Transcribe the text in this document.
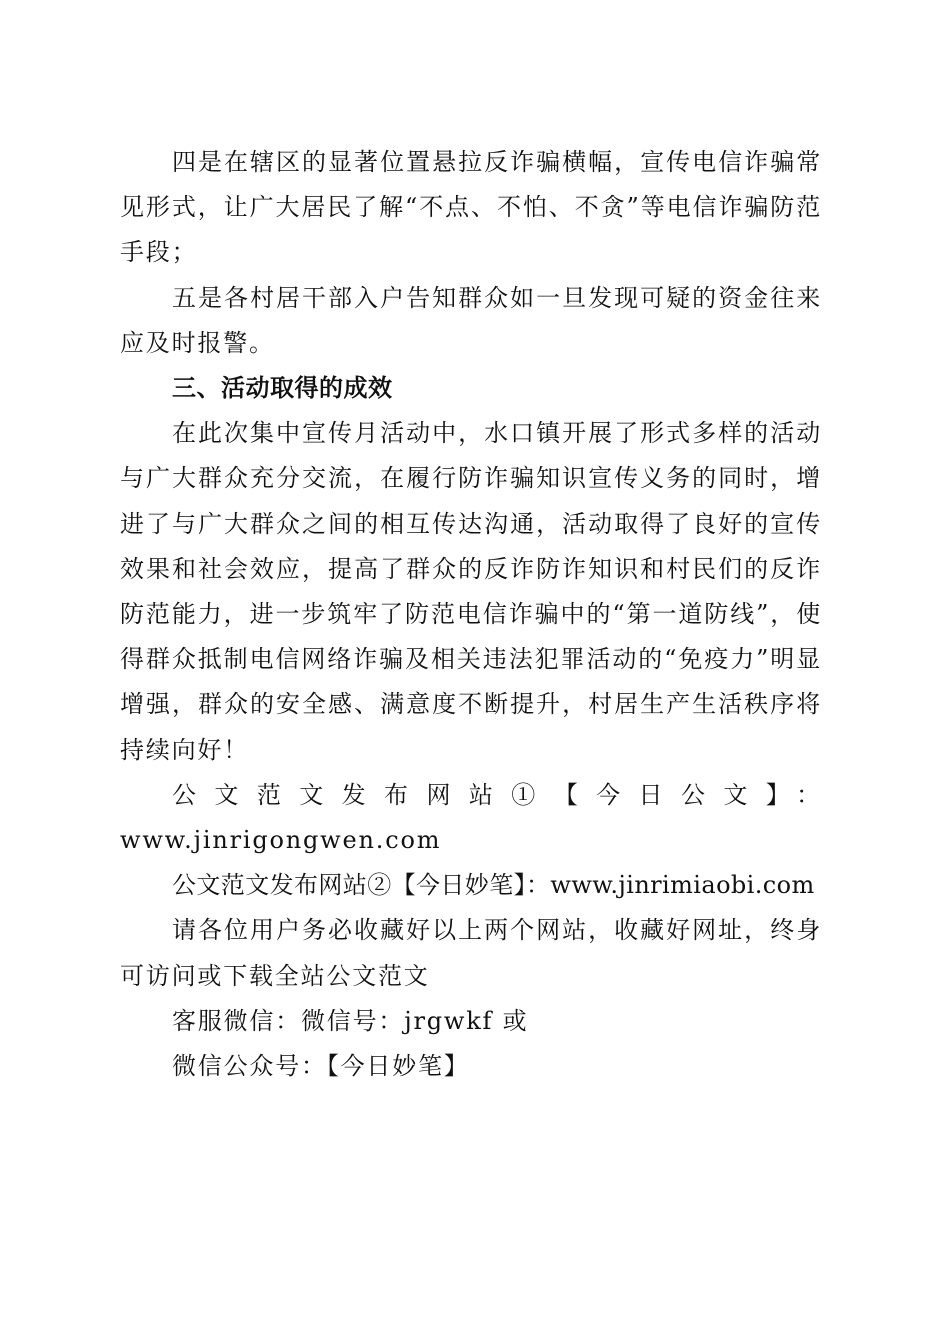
四是在辖区的显著位置悬拉反诈骗横幅，宣传电信诈骗常见形式，让广大居民了解“不点、不怕、不贪”等电信诈骗防范手段；

五是各村居干部入户告知群众如一旦发现可疑的资金往来应及时报警。

三、活动取得的成效

在此次集中宣传月活动中，水口镇开展了形式多样的活动与广大群众充分交流，在履行防诈骗知识宣传义务的同时，增进了与广大群众之间的相互传达沟通，活动取得了良好的宣传效果和社会效应，提高了群众的反诈防诈知识和村民们的反诈防范能力，进一步筑牢了防范电信诈骗中的“第一道防线”，使得群众抵制电信网络诈骗及相关违法犯罪活动的“免疫力”明显增强，群众的安全感、满意度不断提升，村居生产生活秩序将持续向好！

公文范文发布网站①【今日公文】：

www.jinrigongwen.com

公文范文发布网站②【今日妙笔】：www.jinrimiaobi.com

请各位用户务必收藏好以上两个网站，收藏好网址，终身可访问或下载全站公文范文

客服微信：微信号：jrgwkf 或

微信公众号：【今日妙笔】
